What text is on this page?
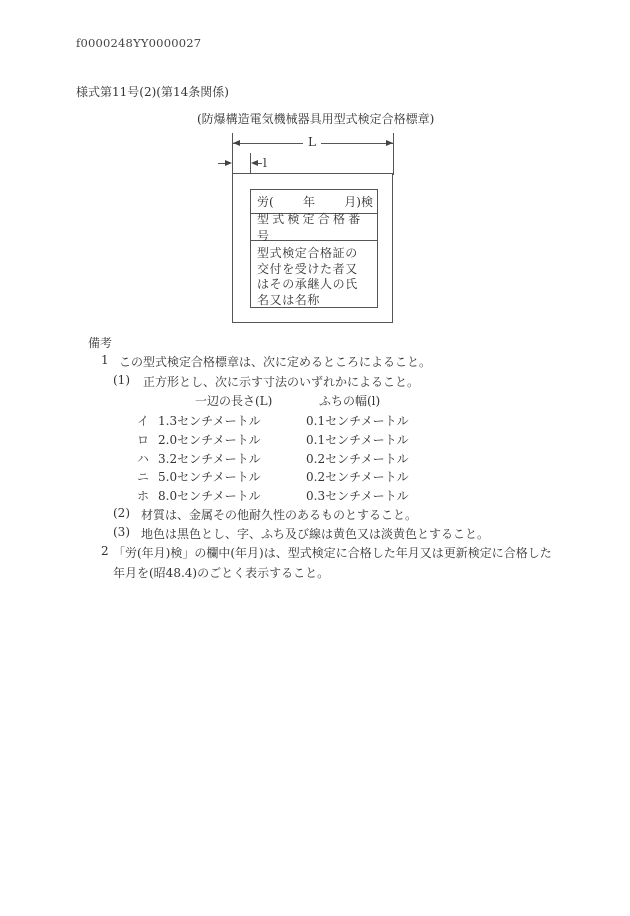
f0000248YY0000027
様式第11号(2)(第14条関係)
(防爆構造電気機械器具用型式検定合格標章)
L
l
労( 年 月)検
型式検定合格番号
型式検定合格証の交付を受けた者又はその承継人の氏名又は名称
備考
1 この型式検定合格標章は、次に定めるところによること。
(1) 正方形とし、次に示す寸法のいずれかによること。
一辺の長さ(L)	ふちの幅(l)
イ 1.3センチメートル	0.1センチメートル
ロ 2.0センチメートル	0.1センチメートル
ハ 3.2センチメートル	0.2センチメートル
ニ 5.0センチメートル	0.2センチメートル
ホ 8.0センチメートル	0.3センチメートル
(2) 材質は、金属その他耐久性のあるものとすること。
(3) 地色は黒色とし、字、ふち及び線は黄色又は淡黄色とすること。
2 「労(年月)検」の欄中(年月)は、型式検定に合格した年月又は更新検定に合格した
年月を(昭48.4)のごとく表示すること。
